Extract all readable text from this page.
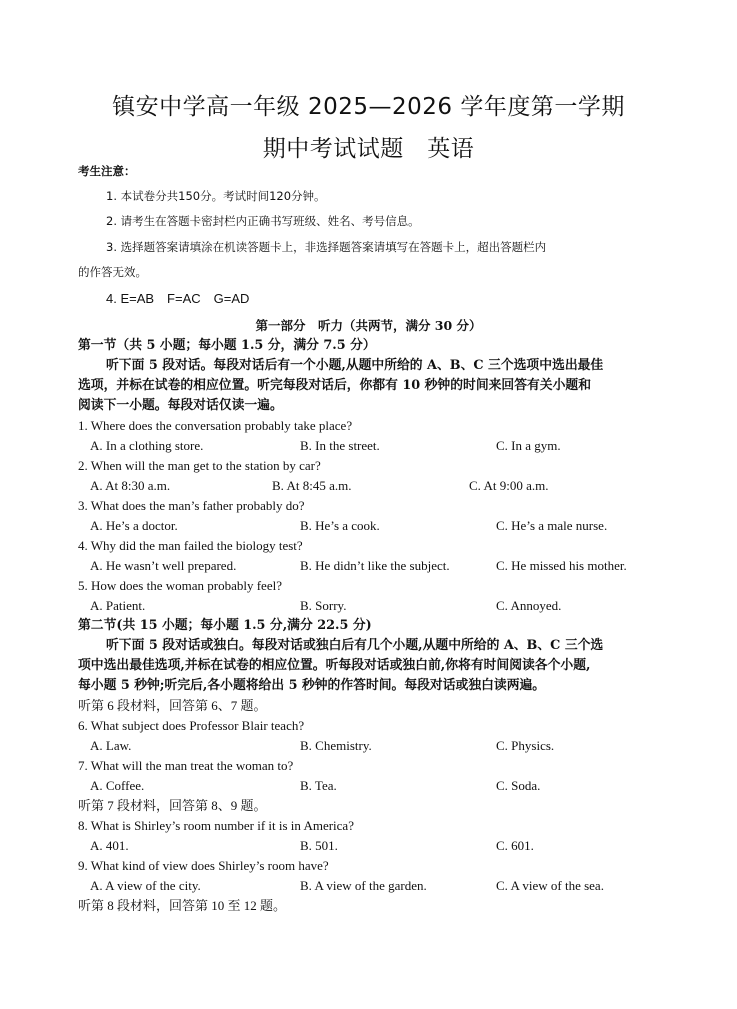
镇安中学高一年级 2025—2026 学年度第一学期
期中考试试题　英语
考生注意：
1. 本试卷分共150分。考试时间120分钟。
2. 请考生在答题卡密封栏内正确书写班级、姓名、考号信息。
3. 选择题答案请填涂在机读答题卡上，非选择题答案请填写在答题卡上，超出答题栏内
的作答无效。
4. E=AB　F=AC　G=AD
第一部分　听力（共两节，满分 30 分）
第一节（共 5 小题；每小题 1.5 分，满分 7.5 分）
听下面 5 段对话。每段对话后有一个小题,从题中所给的 A、B、C 三个选项中选出最佳
选项，并标在试卷的相应位置。听完每段对话后，你都有 10 秒钟的时间来回答有关小题和
阅读下一小题。每段对话仅读一遍。
1. Where does the conversation probably take place?
A. In a clothing store.	B. In the street.	C. In a gym.
2. When will the man get to the station by car?
A. At 8:30 a.m.	B. At 8:45 a.m.	C. At 9:00 a.m.
3. What does the man’s father probably do?
A. He’s a doctor.	B. He’s a cook.	C. He’s a male nurse.
4. Why did the man failed the biology test?
A. He wasn’t well prepared.	B. He didn’t like the subject.	C. He missed his mother.
5. How does the woman probably feel?
A. Patient.	B. Sorry.	C. Annoyed.
第二节(共 15 小题；每小题 1.5 分,满分 22.5 分)
听下面 5 段对话或独白。每段对话或独白后有几个小题,从题中所给的 A、B、C 三个选
项中选出最佳选项,并标在试卷的相应位置。听每段对话或独白前,你将有时间阅读各个小题,
每小题 5 秒钟;听完后,各小题将给出 5 秒钟的作答时间。每段对话或独白读两遍。
听第 6 段材料，回答第 6、7 题。
6. What subject does Professor Blair teach?
A. Law.	B. Chemistry.	C. Physics.
7. What will the man treat the woman to?
A. Coffee.	B. Tea.	C. Soda.
听第 7 段材料，回答第 8、9 题。
8. What is Shirley’s room number if it is in America?
A. 401.	B. 501.	C. 601.
9. What kind of view does Shirley’s room have?
A. A view of the city.	B. A view of the garden.	C. A view of the sea.
听第 8 段材料，回答第 10 至 12 题。
